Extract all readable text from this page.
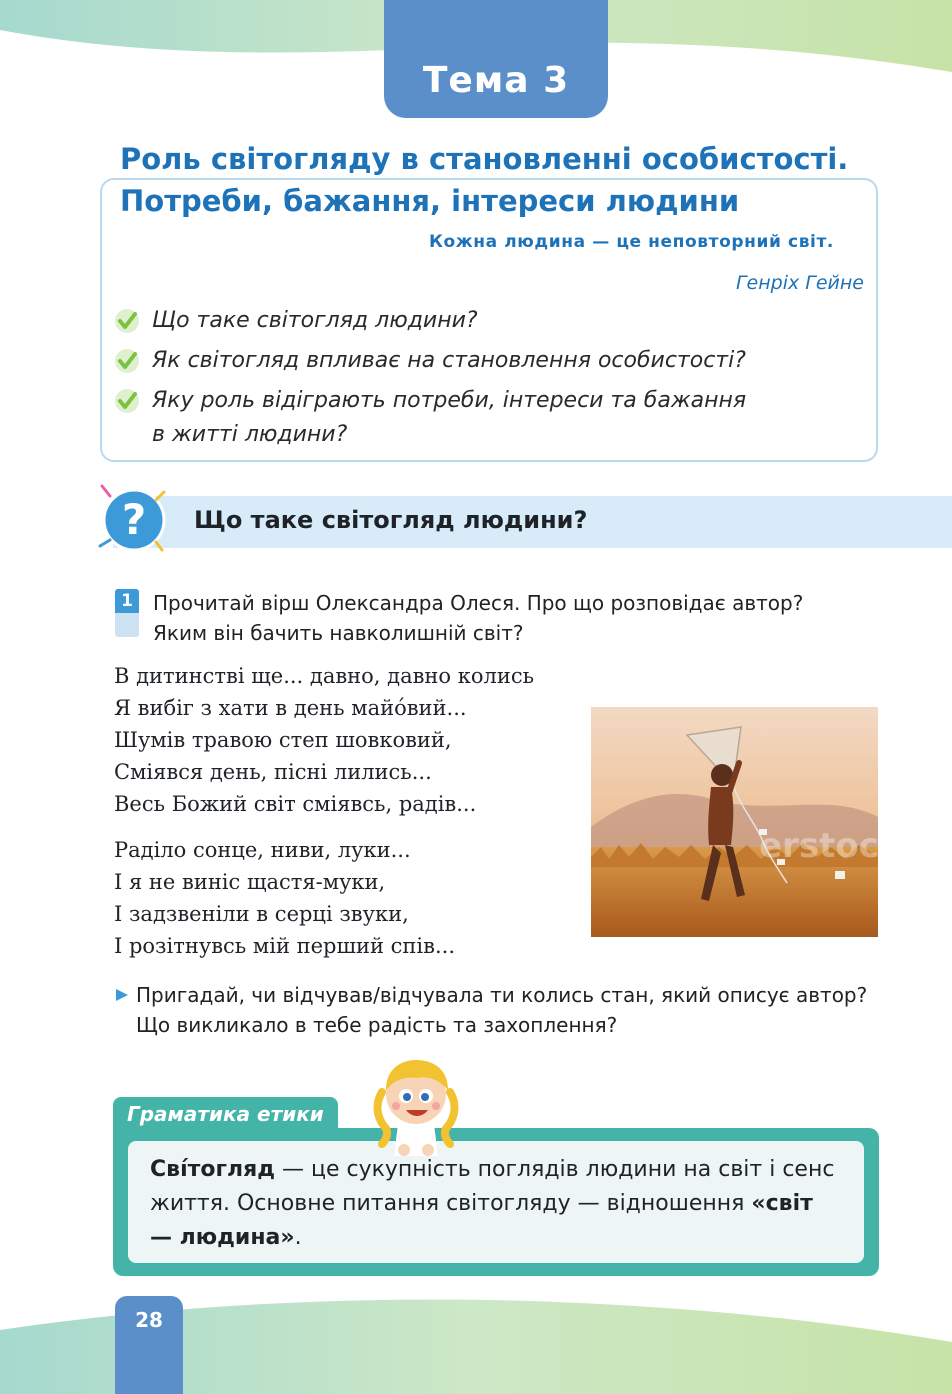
Тема 3
Роль світогляду в становленні особистості.
Потреби, бажання, інтереси людини
Кожна людина — це неповторний світ.
Генріх Гейне
Що таке світогляд людини?
Як світогляд впливає на становлення особистості?
Яку роль відіграють потреби, інтереси та бажання
в житті людини?
? Що таке світогляд людини?
1	Прочитай вірш Олександра Олеся. Про що розповідає автор?
Яким він бачить навколишній світ?
В дитинстві ще... давно, давно колись
Я вибіг з хати в день майо́вий...
Шумів травою степ шовковий,
Сміявся день, пісні лились...
Весь Божий світ сміявсь, радів...
Раділо сонце, ниви, луки...
І я не виніс щастя-муки,
І задзвеніли в серці звуки,
І розітнувсь мій перший спів...
erstock
Пригадай, чи відчував/відчувала ти колись стан, який описує автор?
Що викликало в тебе радість та захоплення?
Граматика етики
Сві́тогляд — це сукупність поглядів людини на світ і сенс життя. Основне питання світогляду — відношення «світ — людина».
28
